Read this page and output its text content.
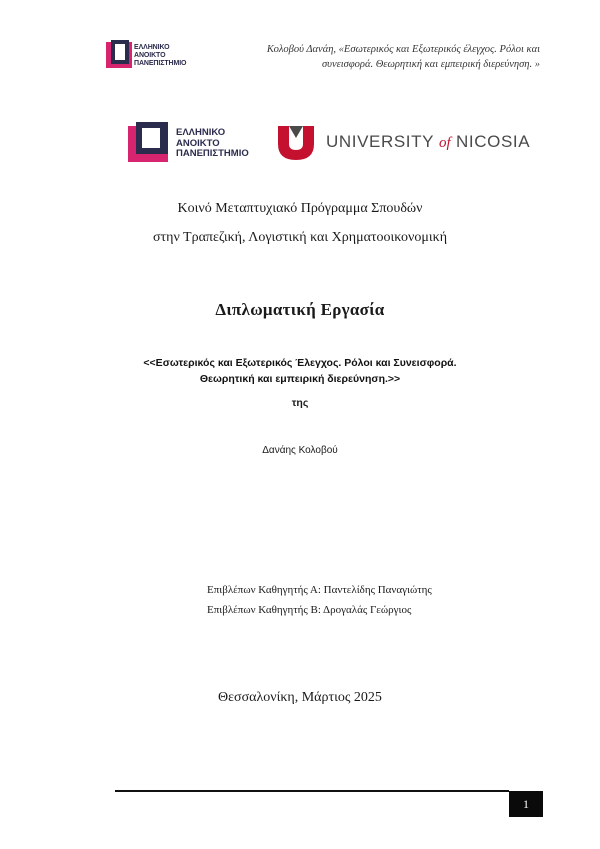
ΕΛΛΗΝΙΚΟ
ΑΝΟΙΚΤΟ
ΠΑΝΕΠΙΣΤΗΜΙΟ
Κολοβού Δανάη, «Εσωτερικός και Εξωτερικός έλεγχος. Ρόλοι και
συνεισφορά. Θεωρητική και εμπειρική διερεύνηση. »
ΕΛΛΗΝΙΚΟ
ΑΝΟΙΚΤΟ
ΠΑΝΕΠΙΣΤΗΜΙΟ
UNIVERSITY of NICOSIA
Κοινό Μεταπτυχιακό Πρόγραμμα Σπουδών
στην Τραπεζική, Λογιστική και Χρηματοοικονομική
Διπλωματική Εργασία
<<Εσωτερικός και Εξωτερικός Έλεγχος. Ρόλοι και Συνεισφορά.
Θεωρητική και εμπειρική διερεύνηση.>>
της
Δανάης Κολοβού
Επιβλέπων Καθηγητής Α: Παντελίδης Παναγιώτης
Επιβλέπων Καθηγητής Β: Δρογαλάς Γεώργιος
Θεσσαλονίκη, Μάρτιος 2025
1
